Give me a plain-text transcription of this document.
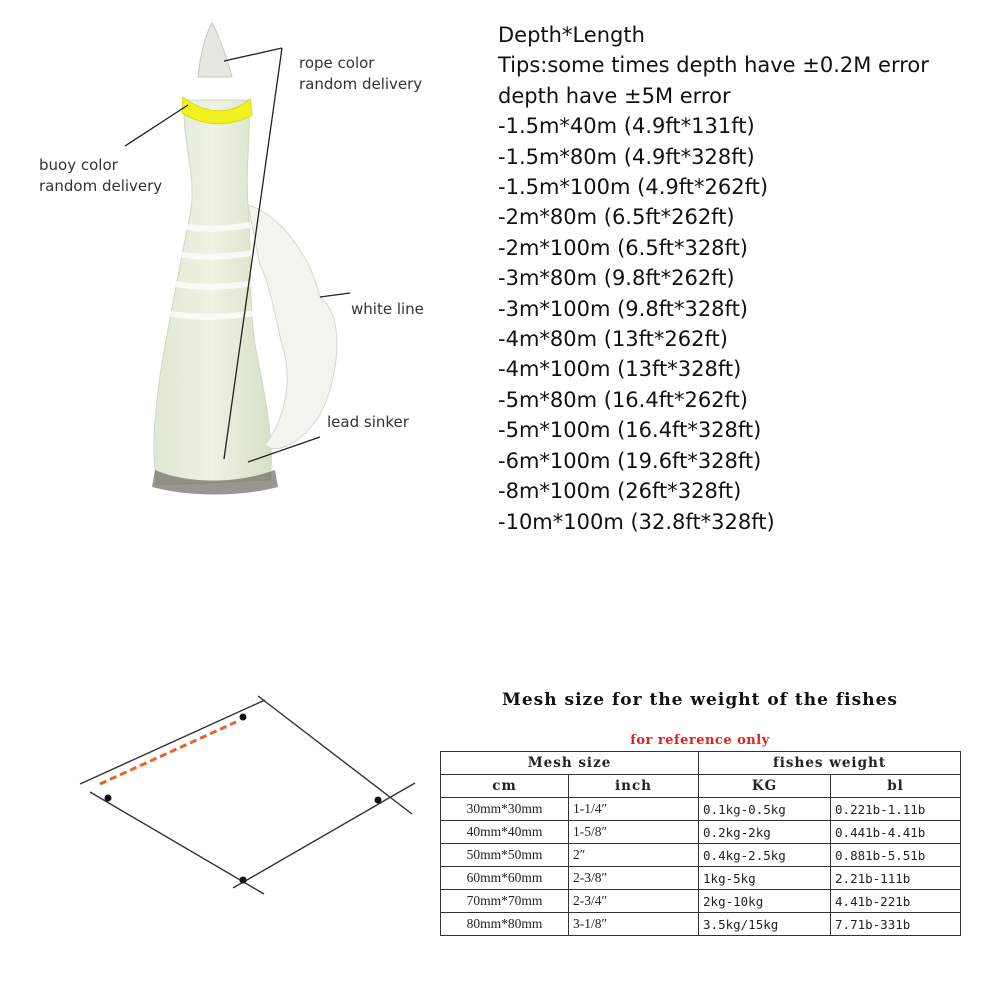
rope color
random delivery
buoy color
random delivery
white line
lead sinker
Depth*Length
Tips:some times depth have ±0.2M error
depth have ±5M error
-1.5m*40m (4.9ft*131ft)
-1.5m*80m (4.9ft*328ft)
-1.5m*100m (4.9ft*262ft)
-2m*80m (6.5ft*262ft)
-2m*100m (6.5ft*328ft)
-3m*80m (9.8ft*262ft)
-3m*100m (9.8ft*328ft)
-4m*80m (13ft*262ft)
-4m*100m (13ft*328ft)
-5m*80m (16.4ft*262ft)
-5m*100m (16.4ft*328ft)
-6m*100m (19.6ft*328ft)
-8m*100m (26ft*328ft)
-10m*100m (32.8ft*328ft)
Mesh size for the weight of the fishes
for reference only
Mesh size		fishes weight	
cm	inch	KG	bl
30mm*30mm	1-1/4″	0.1kg-0.5kg	0.221b-1.11b
40mm*40mm	1-5/8″	0.2kg-2kg	0.441b-4.41b
50mm*50mm	2″	0.4kg-2.5kg	0.881b-5.51b
60mm*60mm	2-3/8″	1kg-5kg	2.21b-111b
70mm*70mm	2-3/4″	2kg-10kg	4.41b-221b
80mm*80mm	3-1/8″	3.5kg/15kg	7.71b-331b
